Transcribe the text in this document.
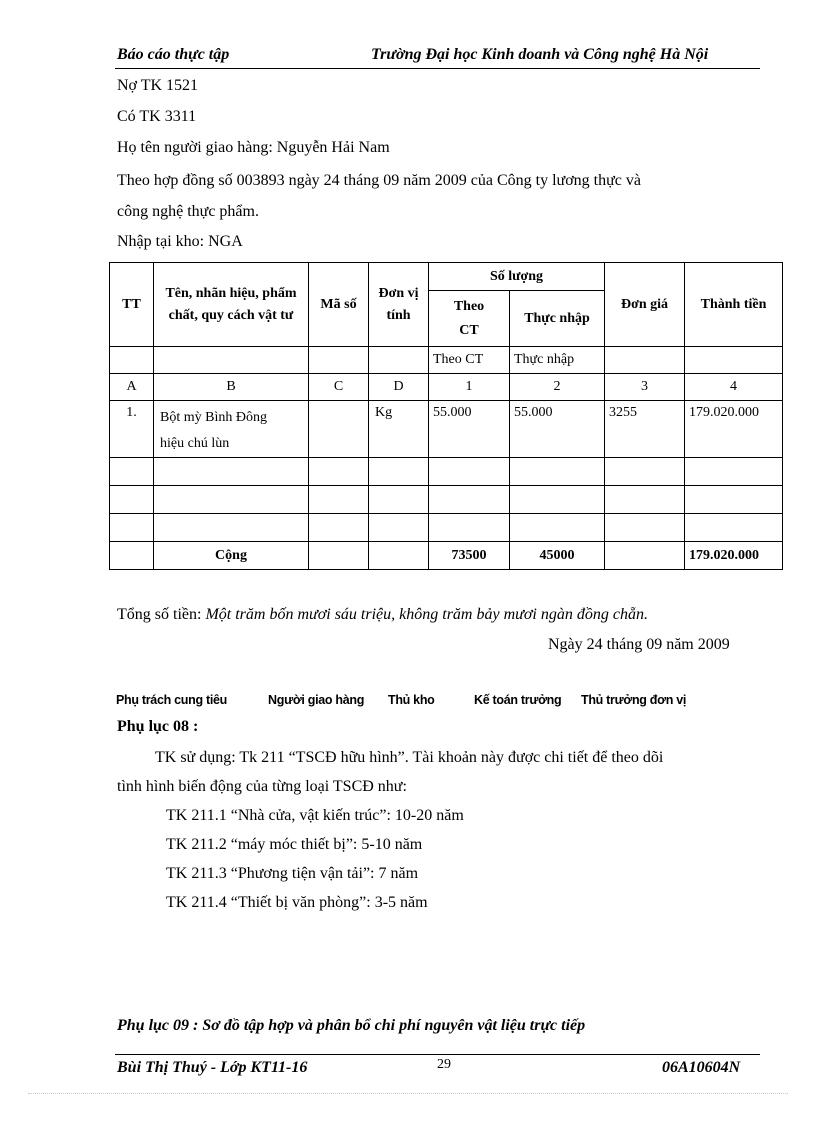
Báo cáo thực tập	Trường Đại học Kinh doanh và Công nghệ Hà Nội
Nợ TK 1521
Có TK 3311
Họ tên người giao hàng: Nguyễn Hải Nam
Theo hợp đồng số 003893 ngày 24 tháng 09 năm 2009 của Công ty lương thực và
công nghệ thực phẩm.
Nhập tại kho: NGA
TT	Tên, nhãn hiệu, phẩm chất, quy cách vật tư	Mã số	Đơn vị tính	Số lượng		Đơn giá	Thành tiền
				Theo CT	Thực nhập		
				Theo CT	Thực nhập		
A	B	C	D	1	2	3	4
1.	Bột mỳ Bình Đông hiệu chú lùn		Kg	55.000	55.000	3255	179.020.000

	Cộng			73500	45000		179.020.000
Tổng số tiền: Một trăm bốn mươi sáu triệu, không trăm bảy mươi ngàn đồng chẵn.
Ngày 24 tháng 09 năm 2009
Phụ trách cung tiêu	Người giao hàng Thủ kho	Kế toán trưởng Thủ trưởng đơn vị
Phụ lục 08 :
TK sử dụng: Tk 211 “TSCĐ hữu hình”. Tài khoản này được chi tiết để theo dõi
tình hình biến động của từng loại TSCĐ như:
TK 211.1 “Nhà cửa, vật kiến trúc”: 10-20 năm
TK 211.2 “máy móc thiết bị”: 5-10 năm
TK 211.3 “Phương tiện vận tải”: 7 năm
TK 211.4 “Thiết bị văn phòng”: 3-5 năm
Phụ lục 09 : Sơ đồ tập hợp và phân bổ chi phí nguyên vật liệu trực tiếp
Bùi Thị Thuý - Lớp KT11-16	29	06A10604N
